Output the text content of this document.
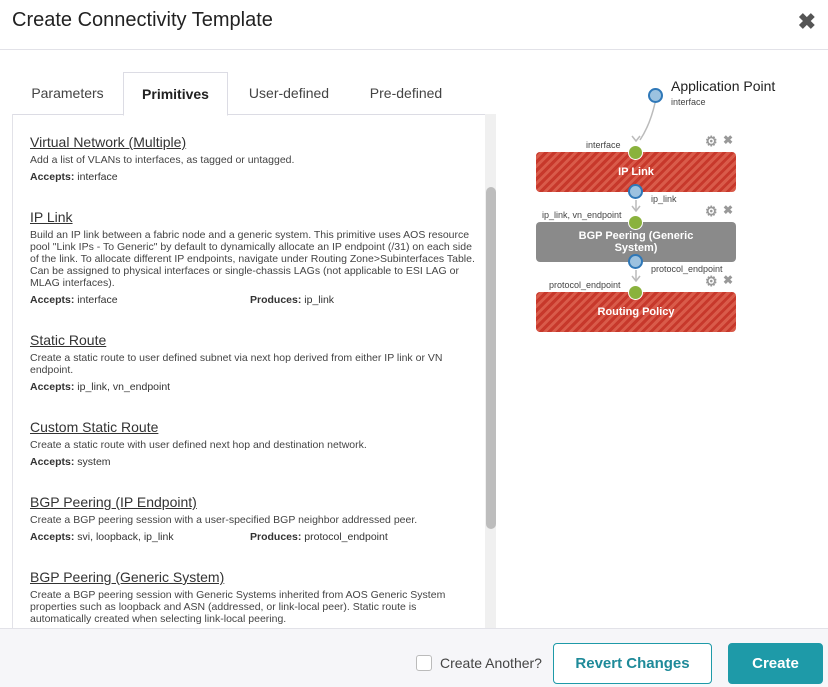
Create Connectivity Template	✖
Parameters	Primitives	User-defined	Pre-defined
Virtual Network (Multiple)
Add a list of VLANs to interfaces, as tagged or untagged.
Accepts: interface
IP Link
Build an IP link between a fabric node and a generic system. This primitive uses AOS resource pool "Link IPs - To Generic" by default to dynamically allocate an IP endpoint (/31) on each side of the link. To allocate different IP endpoints, navigate under Routing Zone>Subinterfaces Table. Can be assigned to physical interfaces or single-chassis LAGs (not applicable to ESI LAG or MLAG interfaces).
Accepts: interface	Produces: ip_link
Static Route
Create a static route to user defined subnet via next hop derived from either IP link or VN endpoint.
Accepts: ip_link, vn_endpoint
Custom Static Route
Create a static route with user defined next hop and destination network.
Accepts: system
BGP Peering (IP Endpoint)
Create a BGP peering session with a user-specified BGP neighbor addressed peer.
Accepts: svi, loopback, ip_link	Produces: protocol_endpoint
BGP Peering (Generic System)
Create a BGP peering session with Generic Systems inherited from AOS Generic System properties such as loopback and ASN (addressed, or link-local peer). Static route is automatically created when selecting link-local peering.
Application Point
interface
IP Link
BGP Peering (Generic System)
Routing Policy
interface
ip_link
ip_link, vn_endpoint
protocol_endpoint
protocol_endpoint
⚙ ✖
⚙ ✖
⚙ ✖
Create Another?	Revert Changes	Create
